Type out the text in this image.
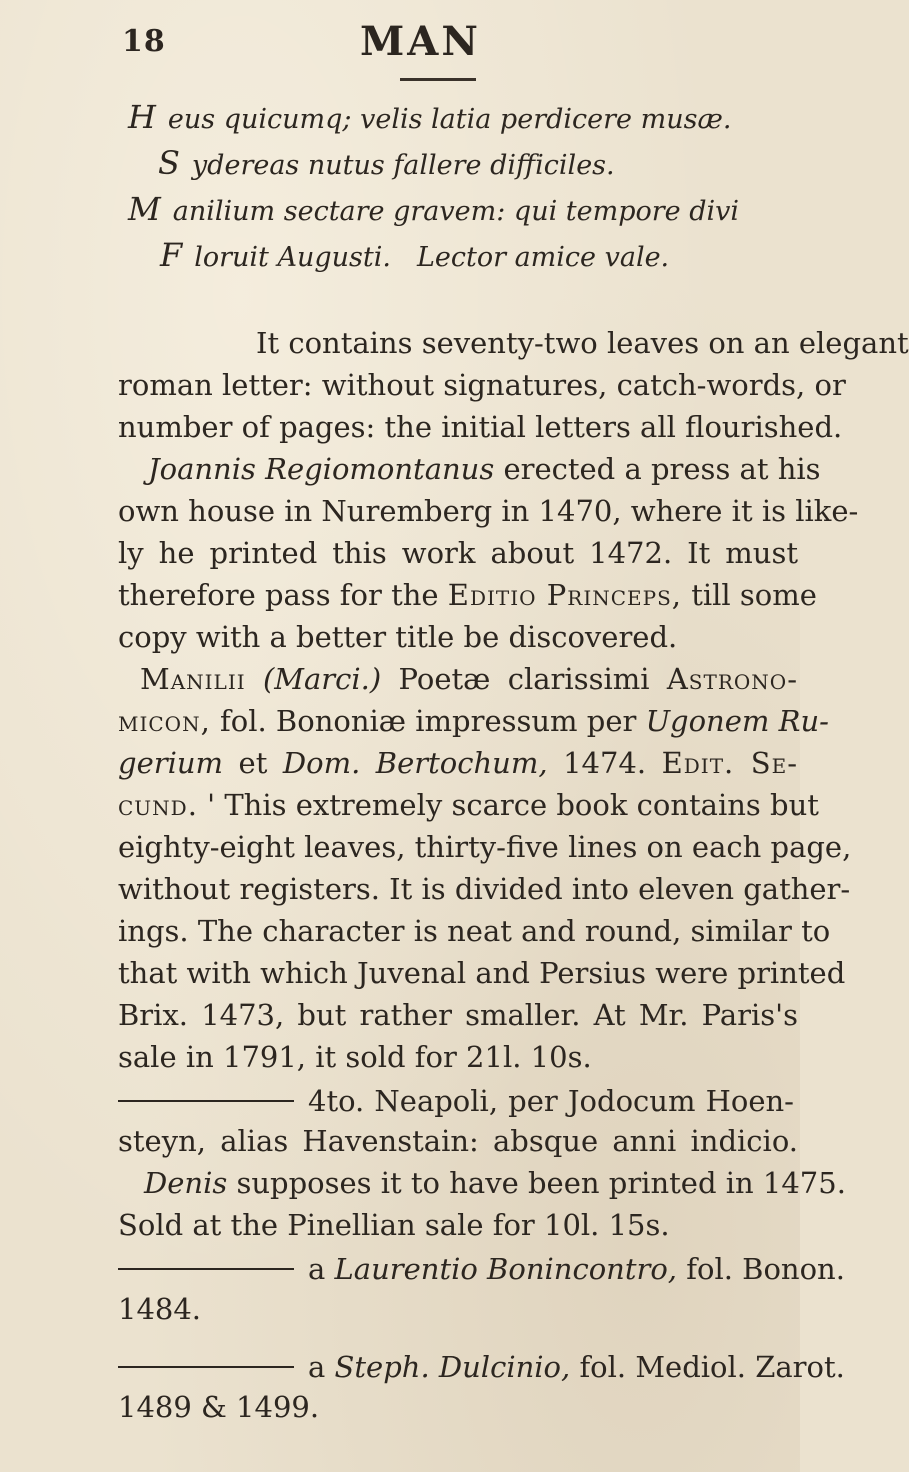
18	MAN
H eus quicumq; velis latia perdicere musæ.
S ydereas nutus fallere difficiles.
M anilium sectare gravem: qui tempore divi
F loruit Augusti. Lector amice vale.
It contains seventy-two leaves on an elegant
roman letter: without signatures, catch-words, or
number of pages: the initial letters all flourished.
Joannis Regiomontanus erected a press at his
own house in Nuremberg in 1470, where it is like-
ly he printed this work about 1472. It must
therefore pass for the Editio Princeps, till some
copy with a better title be discovered.
Manilii (Marci.) Poetæ clarissimi Astrono-
micon, fol. Bononiæ impressum per Ugonem Ru-
gerium et Dom. Bertochum, 1474. Edit. Se-
cund. ' This extremely scarce book contains but
eighty-eight leaves, thirty-five lines on each page,
without registers. It is divided into eleven gather-
ings. The character is neat and round, similar to
that with which Juvenal and Persius were printed
Brix. 1473, but rather smaller. At Mr. Paris's
sale in 1791, it sold for 21l. 10s.
4to. Neapoli, per Jodocum Hoen-
steyn, alias Havenstain: absque anni indicio.
Denis supposes it to have been printed in 1475.
Sold at the Pinellian sale for 10l. 15s.
a Laurentio Bonincontro, fol. Bonon.
1484.
a Steph. Dulcinio, fol. Mediol. Zarot.
1489 & 1499.
